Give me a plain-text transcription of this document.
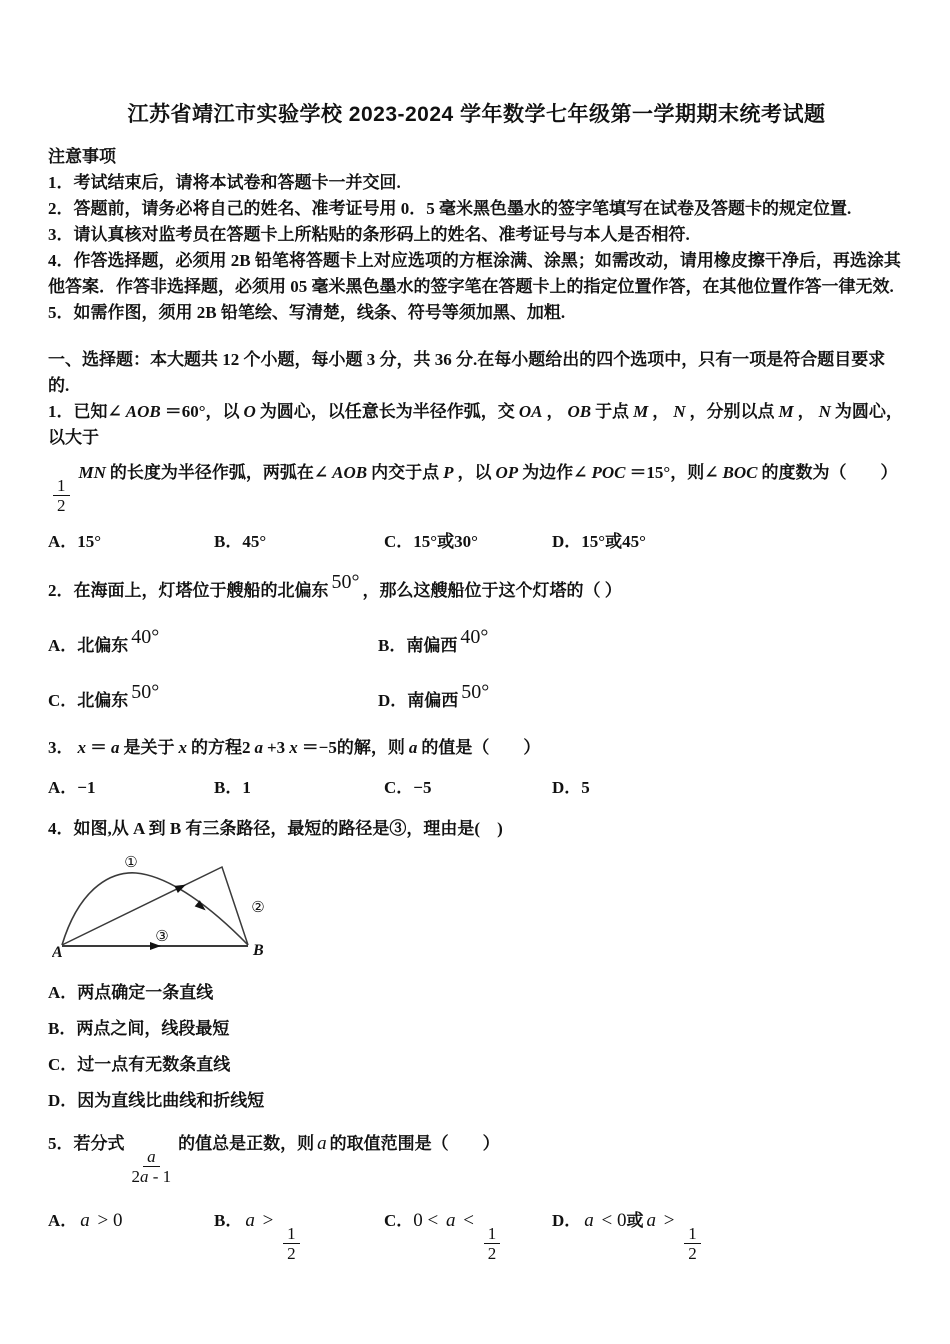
江苏省靖江市实验学校 2023-2024 学年数学七年级第一学期期末统考试题
注意事项
1．考试结束后，请将本试卷和答题卡一并交回.
2．答题前，请务必将自己的姓名、准考证号用 0．5 毫米黑色墨水的签字笔填写在试卷及答题卡的规定位置.
3．请认真核对监考员在答题卡上所粘贴的条形码上的姓名、准考证号与本人是否相符.
4．作答选择题，必须用 2B 铅笔将答题卡上对应选项的方框涂满、涂黑；如需改动，请用橡皮擦干净后，再选涂其他答案．作答非选择题，必须用 05 毫米黑色墨水的签字笔在答题卡上的指定位置作答，在其他位置作答一律无效.
5．如需作图，须用 2B 铅笔绘、写清楚，线条、符号等须加黑、加粗.
一、选择题：本大题共 12 个小题，每小题 3 分，共 36 分.在每小题给出的四个选项中，只有一项是符合题目要求的.
1．已知∠ AOB ＝60°，以 O 为圆心，以任意长为半径作弧，交 OA ， OB 于点 M ， N ，分别以点 M ， N 为圆心，以大于
$\frac{1}{2}$
MN 的长度为半径作弧，两弧在∠ AOB 内交于点 P ，以 OP 为边作∠ POC ＝15°，则∠ BOC 的度数为（　　）
A．15°	B．45°	C．15°或30°	D．15°或45°
2．在海面上，灯塔位于艘船的北偏东 50° ，那么这艘船位于这个灯塔的（ ）
A．北偏东 40°	B．南偏西 40°
C．北偏东 50°	D．南偏西 50°
3． x ＝ a 是关于 x 的方程2 a +3 x ＝−5的解，则 a 的值是（　　）
A．−1	B．1	C．−5	D．5
4．如图,从 A 到 B 有三条路径，最短的路径是③，理由是(　)
①
②
③
A	B
A．两点确定一条直线
B．两点之间，线段最短
C．过一点有无数条直线
D．因为直线比曲线和折线短
5．若分式
$\frac{a}{2a - 1}$
的值总是正数，则 a 的取值范围是（　　）
A． a > 0	B． a >
$\frac{1}{2}$
C．0 < a <
$\frac{1}{2}$
D． a < 0或 a >
$\frac{1}{2}$
